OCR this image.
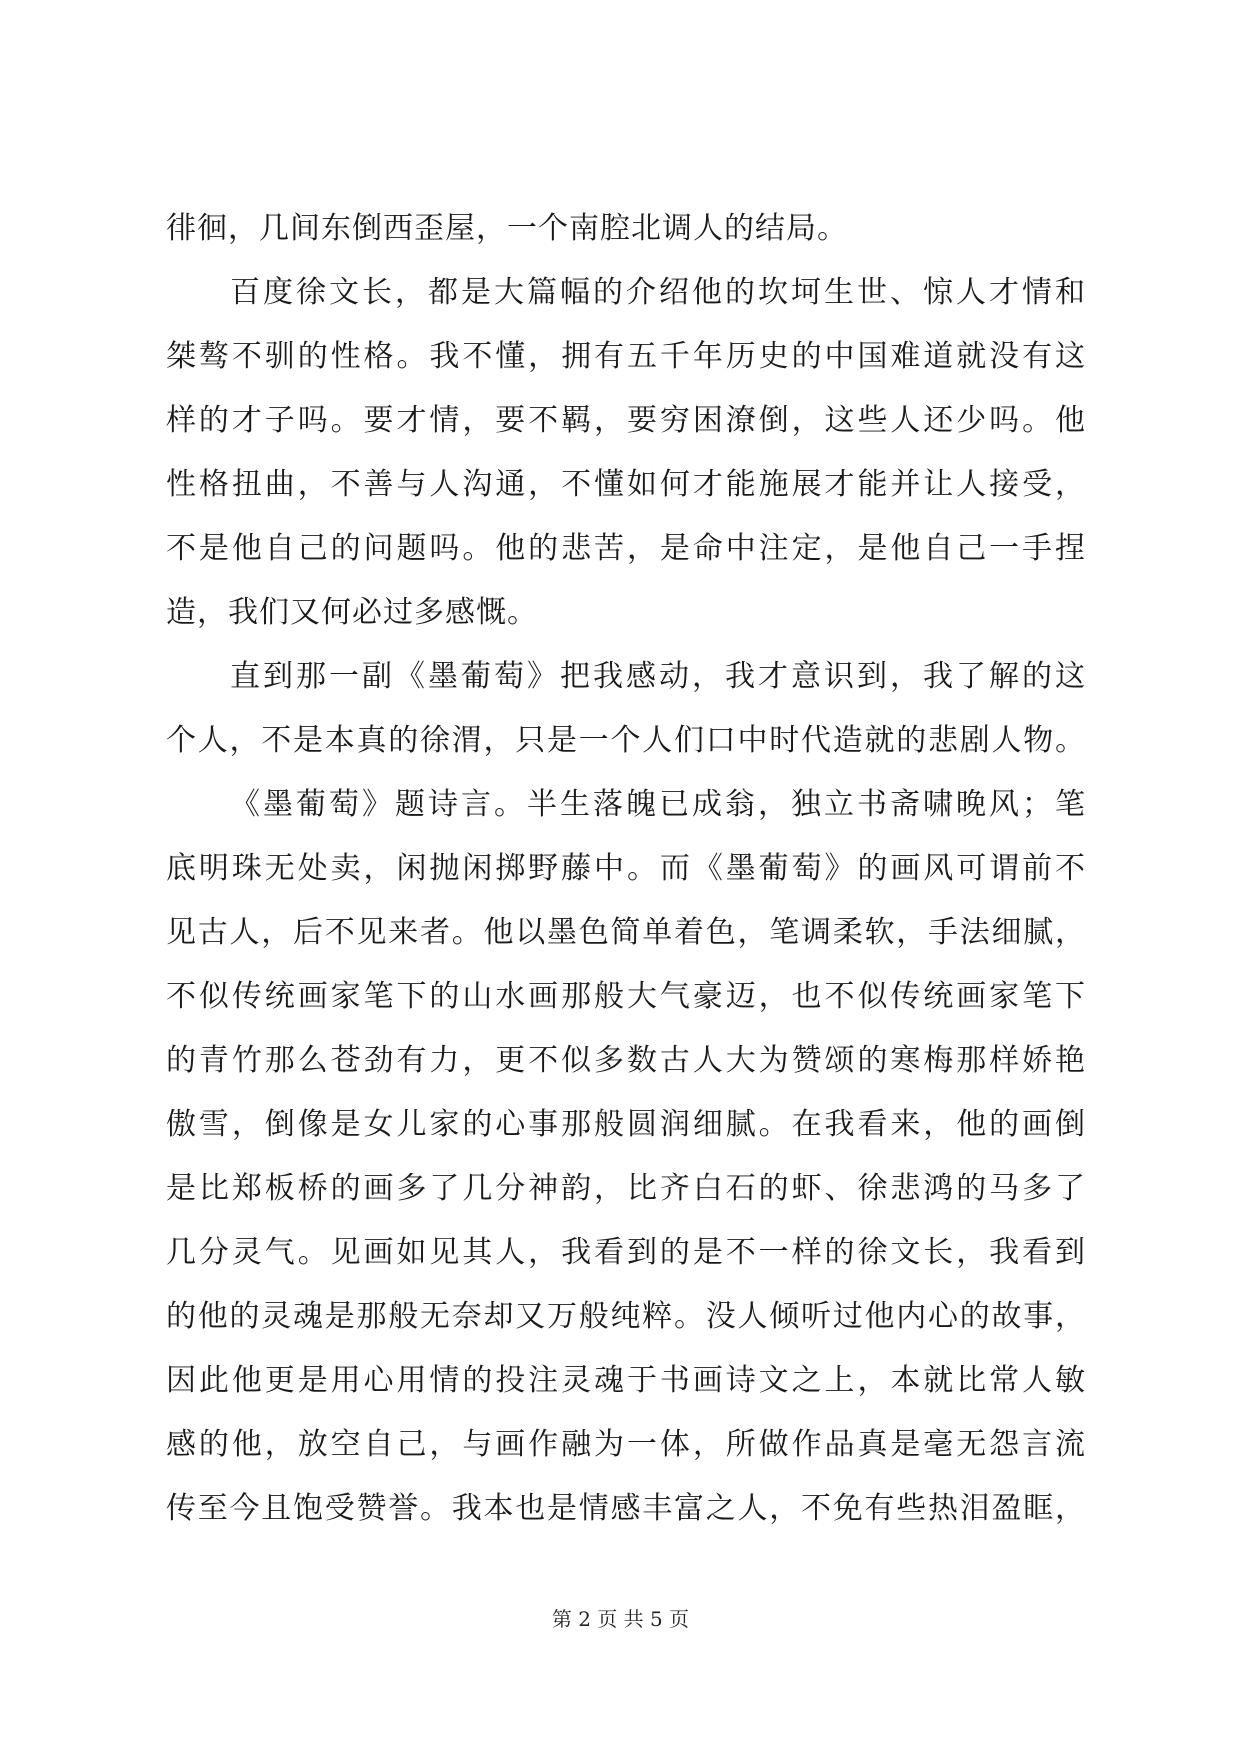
徘徊，几间东倒西歪屋，一个南腔北调人的结局。
百度徐文长，都是大篇幅的介绍他的坎坷生世、惊人才情和
桀骜不驯的性格。我不懂，拥有五千年历史的中国难道就没有这
样的才子吗。要才情，要不羁，要穷困潦倒，这些人还少吗。他
性格扭曲，不善与人沟通，不懂如何才能施展才能并让人接受，
不是他自己的问题吗。他的悲苦，是命中注定，是他自己一手捏
造，我们又何必过多感慨。
直到那一副《墨葡萄》把我感动，我才意识到，我了解的这
个人，不是本真的徐渭，只是一个人们口中时代造就的悲剧人物。
《墨葡萄》题诗言。半生落魄已成翁，独立书斋啸晚风；笔
底明珠无处卖，闲抛闲掷野藤中。而《墨葡萄》的画风可谓前不
见古人，后不见来者。他以墨色简单着色，笔调柔软，手法细腻，
不似传统画家笔下的山水画那般大气豪迈，也不似传统画家笔下
的青竹那么苍劲有力，更不似多数古人大为赞颂的寒梅那样娇艳
傲雪，倒像是女儿家的心事那般圆润细腻。在我看来，他的画倒
是比郑板桥的画多了几分神韵，比齐白石的虾、徐悲鸿的马多了
几分灵气。见画如见其人，我看到的是不一样的徐文长，我看到
的他的灵魂是那般无奈却又万般纯粹。没人倾听过他内心的故事，
因此他更是用心用情的投注灵魂于书画诗文之上，本就比常人敏
感的他，放空自己，与画作融为一体，所做作品真是毫无怨言流
传至今且饱受赞誉。我本也是情感丰富之人，不免有些热泪盈眶，
第 2 页 共 5 页
